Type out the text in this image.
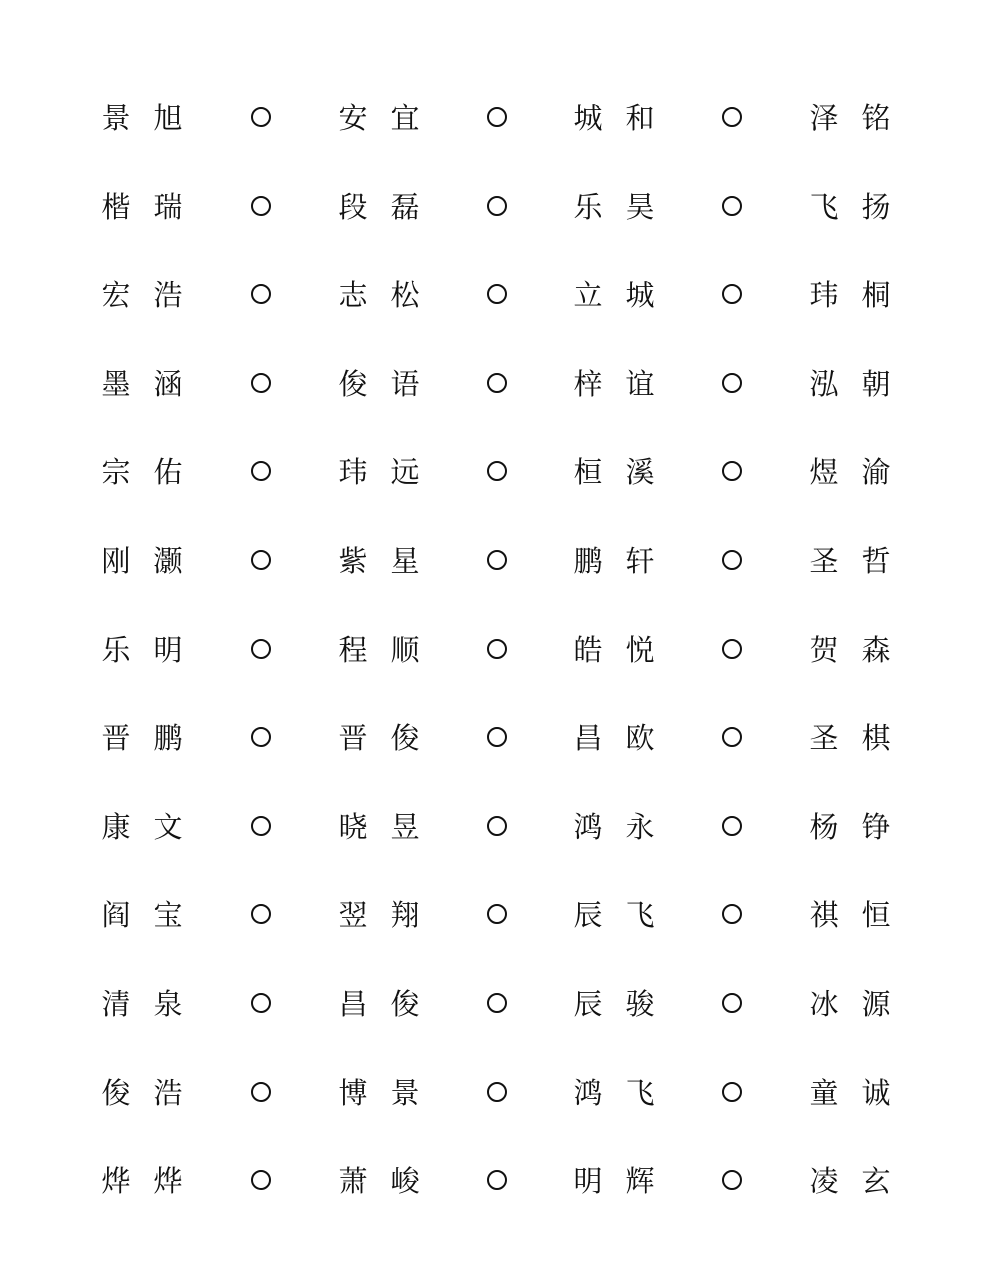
景 旭	安 宜	城 和	泽 铭
楷 瑞	段 磊	乐 昊	飞 扬
宏 浩	志 松	立 城	玮 桐
墨 涵	俊 语	梓 谊	泓 朝
宗 佑	玮 远	桓 溪	煜 渝
刚 灏	紫 星	鹏 轩	圣 哲
乐 明	程 顺	皓 悦	贺 森
晋 鹏	晋 俊	昌 欧	圣 棋
康 文	晓 昱	鸿 永	杨 铮
阎 宝	翌 翔	辰 飞	祺 恒
清 泉	昌 俊	辰 骏	冰 源
俊 浩	博 景	鸿 飞	童 诚
烨 烨	萧 峻	明 辉	凌 玄
